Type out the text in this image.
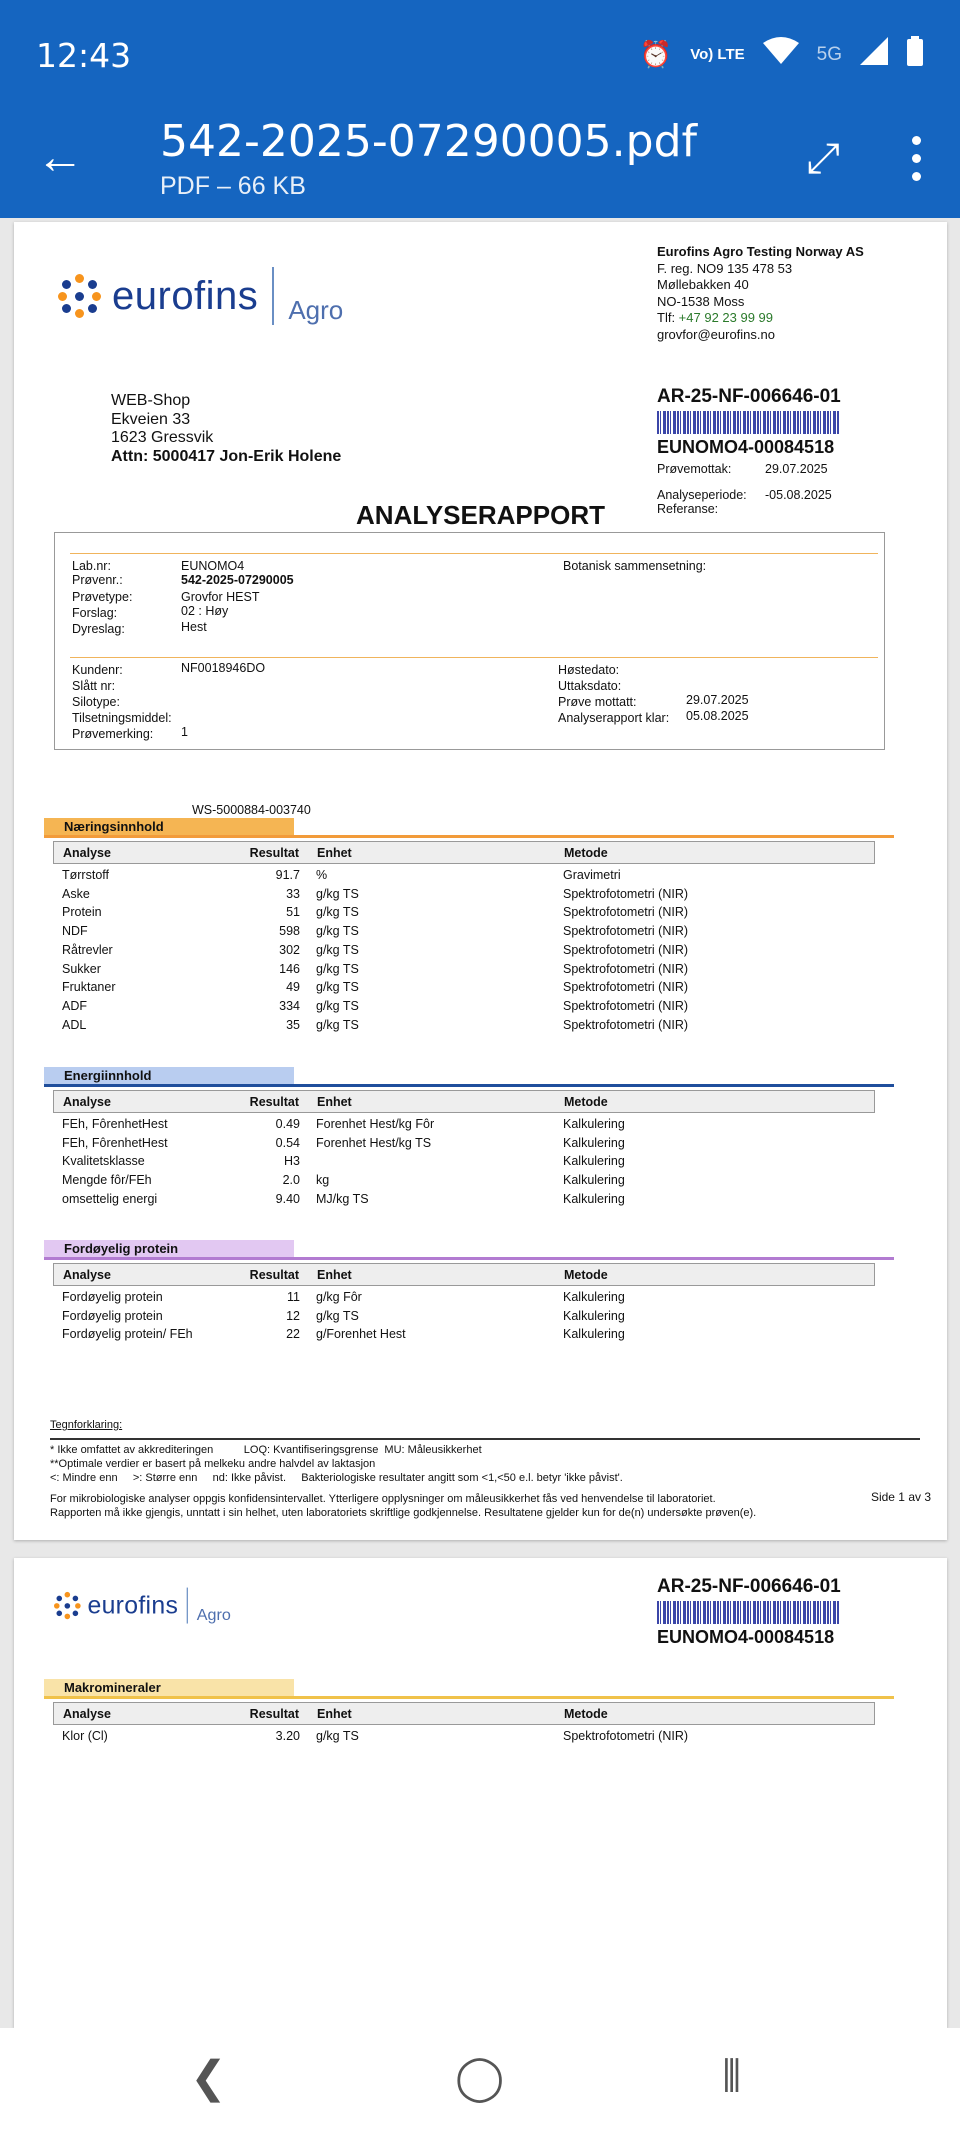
12:43	⏰ Vo) LTE	5G
← 542-2025-07290005.pdf
PDF – 66 KB
⤢
eurofins Agro
Eurofins Agro Testing Norway AS
F. reg. NO9 135 478 53
Møllebakken 40
NO-1538 Moss
Tlf: +47 92 23 99 99
grovfor@eurofins.no
WEB-Shop
Ekveien 33
1623 Gressvik
Attn: 5000417 Jon-Erik Holene
AR-25-NF-006646-01
EUNOMO4-00084518
Prøvemottak:	29.07.2025
Analyseperiode: -05.08.2025
Referanse:
ANALYSERAPPORT
Lab.nr:	EUNOMO4
Prøvenr.:	542-2025-07290005
Prøvetype:	Grovfor HEST
Forslag:	02 : Høy
Dyreslag:	Hest
Botanisk sammensetning:
Kundenr:	NF0018946DO
Slått nr:
Silotype:
Tilsetningsmiddel:
Prøvemerking: 1
Høstedato:
Uttaksdato:
Prøve mottatt:	29.07.2025
Analyserapport klar: 05.08.2025
WS-5000884-003740
Næringsinnhold
Analyse	Resultat Enhet	Metode
Tørrstoff	91.7 %	Gravimetri
Aske	33 g/kg TS	Spektrofotometri (NIR)
Protein	51 g/kg TS	Spektrofotometri (NIR)
NDF	598 g/kg TS	Spektrofotometri (NIR)
Råtrevler	302 g/kg TS	Spektrofotometri (NIR)
Sukker	146 g/kg TS	Spektrofotometri (NIR)
Fruktaner	49 g/kg TS	Spektrofotometri (NIR)
ADF	334 g/kg TS	Spektrofotometri (NIR)
ADL	35 g/kg TS	Spektrofotometri (NIR)
Energiinnhold
Analyse	Resultat Enhet	Metode
FEh, FôrenhetHest	0.49 Forenhet Hest/kg Fôr	Kalkulering
FEh, FôrenhetHest	0.54 Forenhet Hest/kg TS	Kalkulering
Kvalitetsklasse	H3	Kalkulering
Mengde fôr/FEh	2.0 kg	Kalkulering
omsettelig energi	9.40 MJ/kg TS	Kalkulering
Fordøyelig protein
Analyse	Resultat Enhet	Metode
Fordøyelig protein	11 g/kg Fôr	Kalkulering
Fordøyelig protein	12 g/kg TS	Kalkulering
Fordøyelig protein/ FEh	22 g/Forenhet Hest	Kalkulering
Tegnforklaring:
* Ikke omfattet av akkrediteringen          LOQ: Kvantifiseringsgrense  MU: Måleusikkerhet
**Optimale verdier er basert på melkeku andre halvdel av laktasjon
<: Mindre enn     >: Større enn     nd: Ikke påvist.     Bakteriologiske resultater angitt som <1,<50 e.l. betyr 'ikke påvist'.
For mikrobiologiske analyser oppgis konfidensintervallet. Ytterligere opplysninger om måleusikkerhet fås ved henvendelse til laboratoriet.
Rapporten må ikke gjengis, unntatt i sin helhet, uten laboratoriets skriftlige godkjennelse. Resultatene gjelder kun for de(n) undersøkte prøven(e).
Side 1 av 3
eurofins Agro
AR-25-NF-006646-01
EUNOMO4-00084518
Makromineraler
Analyse	Resultat Enhet	Metode
Klor (Cl)	3.20 g/kg TS	Spektrofotometri (NIR)
❮	◯	⦀
